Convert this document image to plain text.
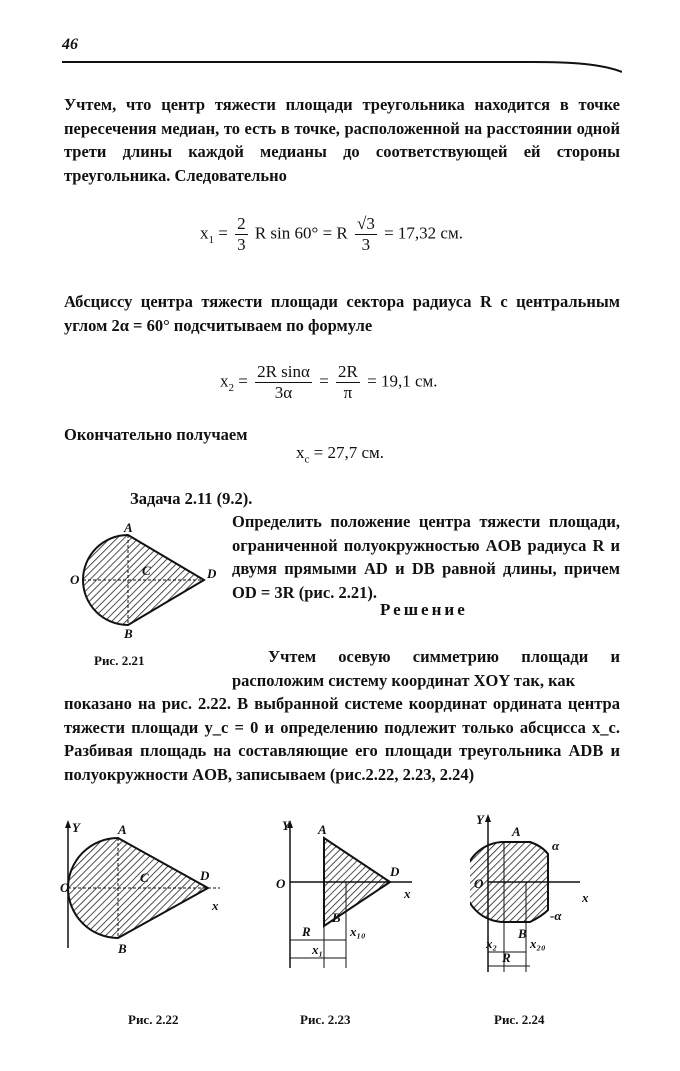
46
Учтем, что центр тяжести площади треугольника находится в точке пересечения медиан, то есть в точке, расположенной на расстоянии одной трети длины каждой медианы до соответствующей ей стороны треугольника. Следовательно
$x_1 = \frac{2}{3}$ R sin 60° = R $\frac{√3}{3} = 17,32$ см.
Абсциссу центра тяжести площади сектора радиуса R с центральным углом 2α = 60° подсчитываем по формуле
$x_2 = \frac{\text{2R sinα}}{3\alpha} = \frac{2R}{\pi} = 19,1$ см.
Окончательно получаем
$x_c = 27,7$ см.
Задача 2.11 (9.2).
Определить положение центра тяжести площади, ограниченной полуокружностью AOB радиуса R и двумя прямыми AD и DB равной длины, причем OD = 3R (рис. 2.21).
A
O
B
C	D
Рис. 2.21
Решение
Учтем осевую симметрию площади и расположим систему координат XOY так, как
показано на рис. 2.22. В выбранной системе координат ордината центра тяжести площади y_c = 0 и определению подлежит только абсцисса x_c. Разбивая площадь на составляющие его площади треугольника ADB и полуокружности AOB, записываем (рис.2.22, 2.23, 2.24)
Y	A
O
B
C	D
x
Рис. 2.22
Y A
O
B
D
x
R	x₁₀
x₁
Рис. 2.23
Y
A
α
O
x
-α
B
x₂	x₂₀
R
Рис. 2.24
